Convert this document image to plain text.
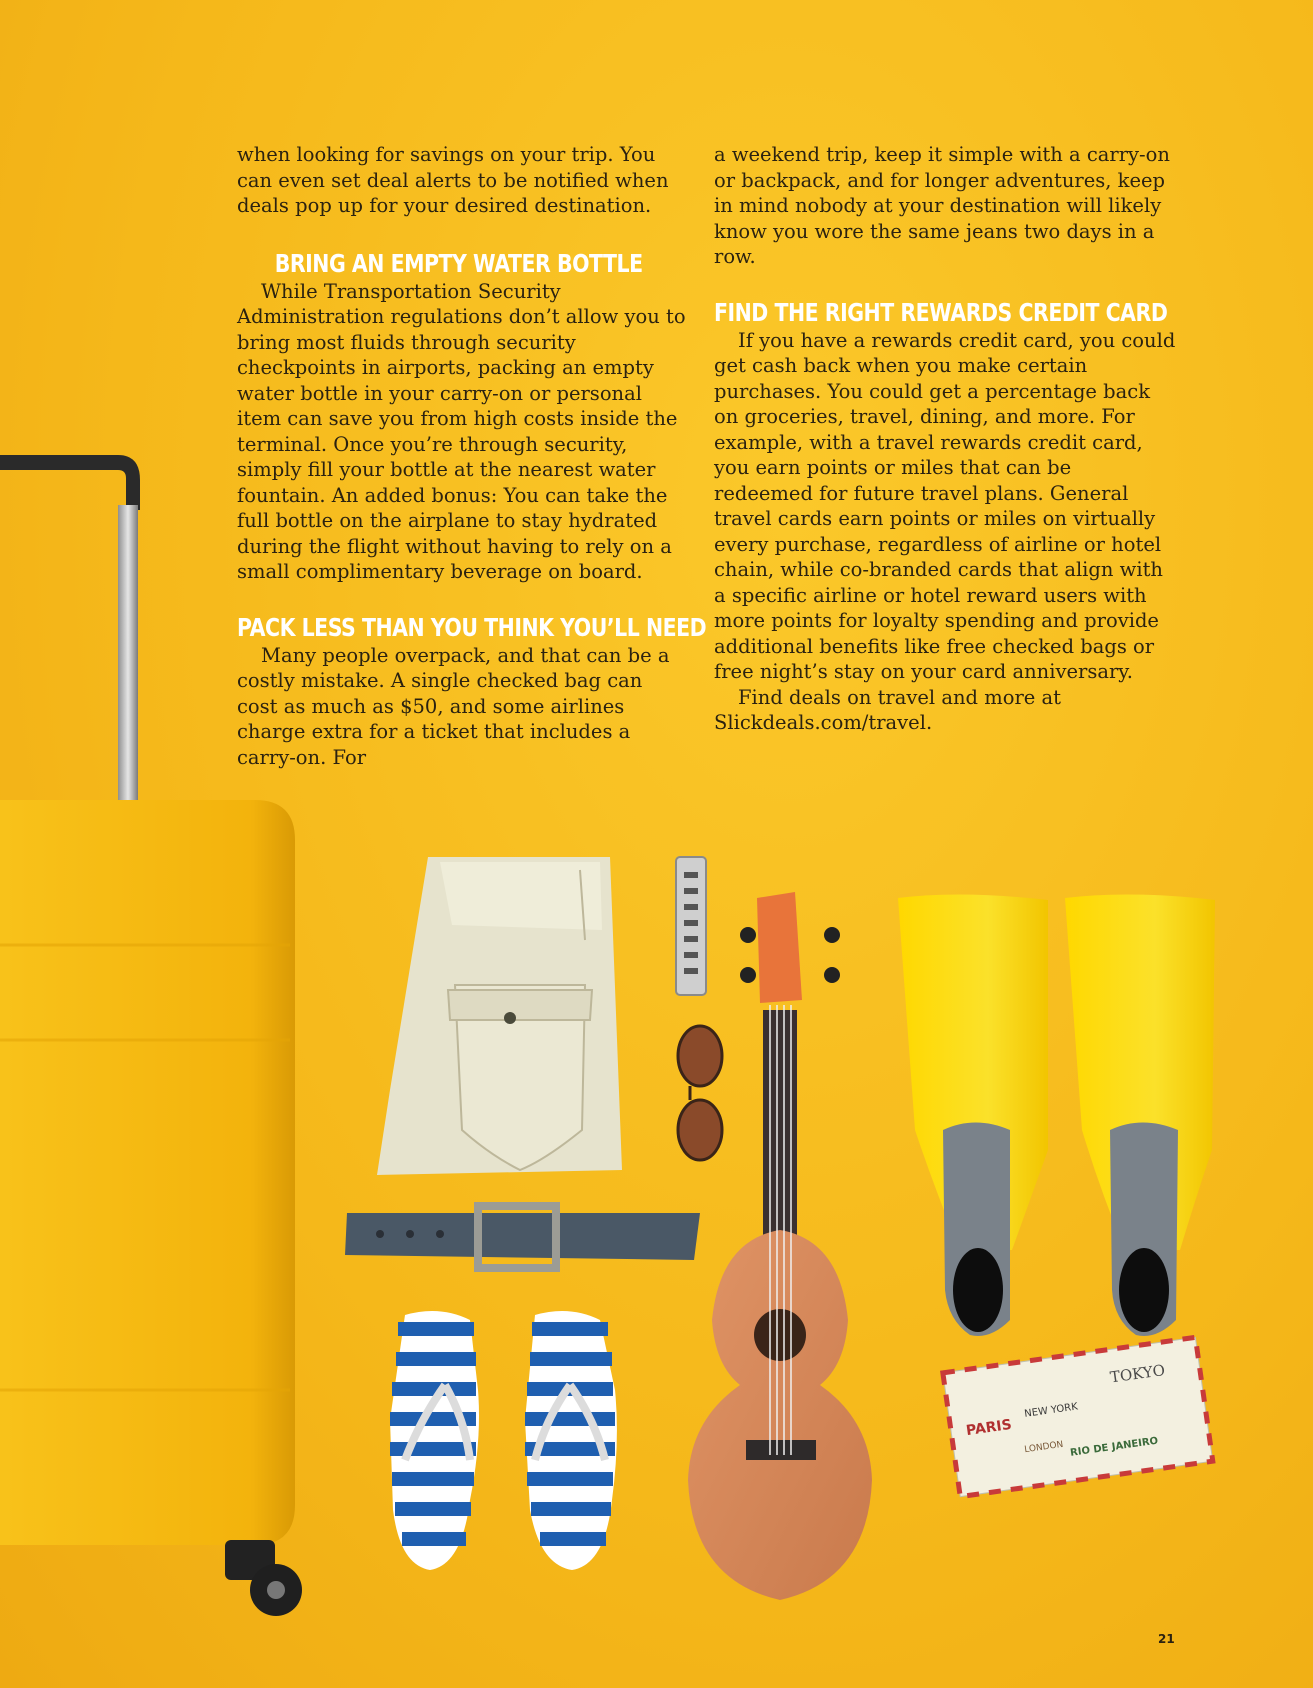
TOKYO
PARIS
NEW YORK
LONDON RIO DE JANEIRO

when looking for savings on your trip. You can even set deal alerts to be notified when deals pop up for your desired destination.

BRING AN EMPTY WATER BOTTLE

While Transportation Security Administration regulations don’t allow you to bring most fluids through security checkpoints in airports, packing an empty water bottle in your carry-on or personal item can save you from high costs inside the terminal. Once you’re through security, simply fill your bottle at the nearest water fountain. An added bonus: You can take the full bottle on the airplane to stay hydrated during the flight without having to rely on a small complimentary beverage on board.

PACK LESS THAN YOU THINK YOU’LL NEED

Many people overpack, and that can be a costly mistake. A single checked bag can cost as much as $50, and some airlines charge extra for a ticket that includes a carry-on. For

a weekend trip, keep it simple with a carry-on or backpack, and for longer adventures, keep in mind nobody at your destination will likely know you wore the same jeans two days in a row.

FIND THE RIGHT REWARDS CREDIT CARD

If you have a rewards credit card, you could get cash back when you make certain purchases. You could get a percentage back on groceries, travel, dining, and more. For example, with a travel rewards credit card, you earn points or miles that can be redeemed for future travel plans. General travel cards earn points or miles on virtually every purchase, regardless of airline or hotel chain, while co-branded cards that align with a specific airline or hotel reward users with more points for loyalty spending and provide additional benefits like free checked bags or free night’s stay on your card anniversary.

Find deals on travel and more at Slickdeals.com/travel.

21
